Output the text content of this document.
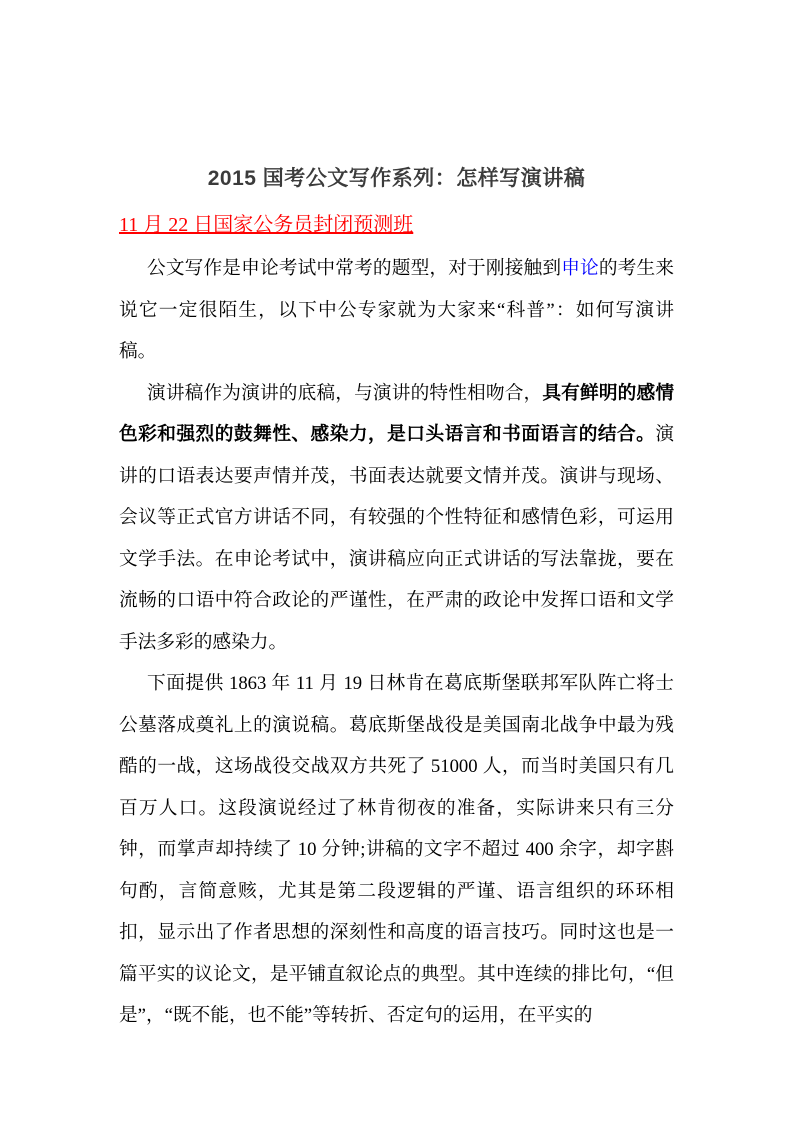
2015 国考公文写作系列：怎样写演讲稿

11 月 22 日国家公务员封闭预测班

公文写作是申论考试中常考的题型，对于刚接触到申论的考生来说它一定很陌生，以下中公专家就为大家来“科普”：如何写演讲稿。

演讲稿作为演讲的底稿，与演讲的特性相吻合，具有鲜明的感情色彩和强烈的鼓舞性、感染力，是口头语言和书面语言的结合。演讲的口语表达要声情并茂，书面表达就要文情并茂。演讲与现场、会议等正式官方讲话不同，有较强的个性特征和感情色彩，可运用文学手法。在申论考试中，演讲稿应向正式讲话的写法靠拢，要在流畅的口语中符合政论的严谨性，在严肃的政论中发挥口语和文学手法多彩的感染力。

下面提供 1863 年 11 月 19 日林肯在葛底斯堡联邦军队阵亡将士公墓落成奠礼上的演说稿。葛底斯堡战役是美国南北战争中最为残酷的一战，这场战役交战双方共死了 51000 人，而当时美国只有几百万人口。这段演说经过了林肯彻夜的准备，实际讲来只有三分钟，而掌声却持续了 10 分钟;讲稿的文字不超过 400 余字，却字斟句酌，言简意赅，尤其是第二段逻辑的严谨、语言组织的环环相扣，显示出了作者思想的深刻性和高度的语言技巧。同时这也是一篇平实的议论文，是平铺直叙论点的典型。其中连续的排比句，“但是”，“既不能，也不能”等转折、否定句的运用，在平实的
